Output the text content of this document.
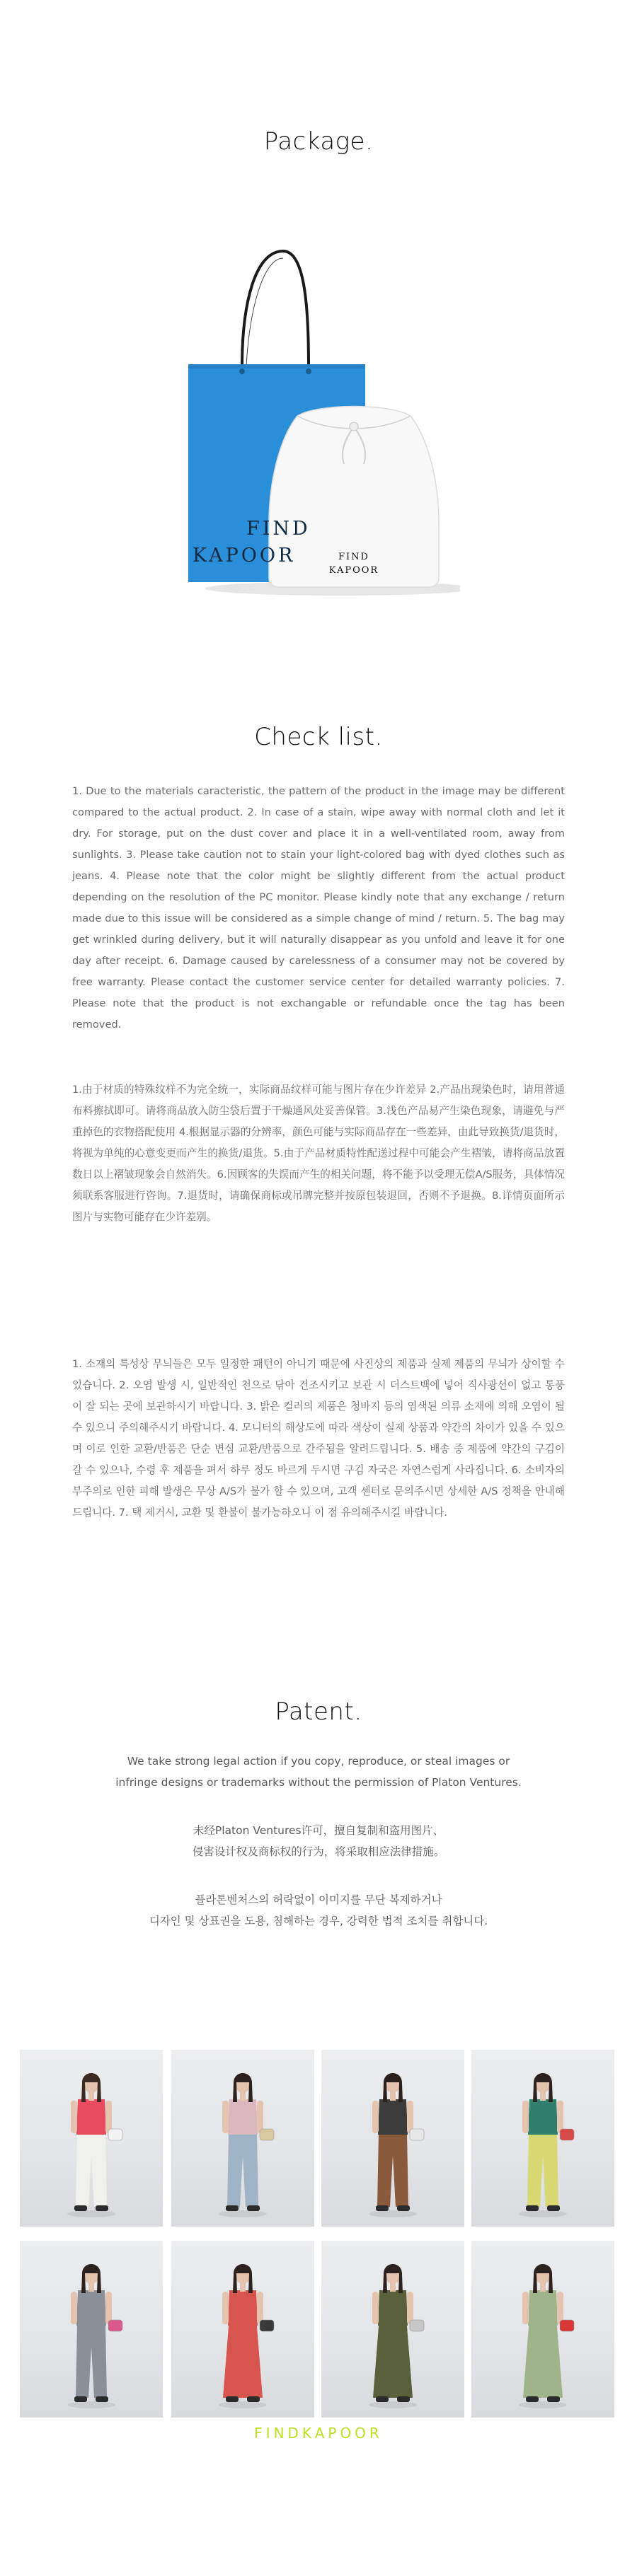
Package.
FIND
KAPOOR	FIND
KAPOOR
Check list.

1. Due to the materials caracteristic, the pattern of the product in the image may be different compared to the actual product. 2. In case of a stain, wipe away with normal cloth and let it dry. For storage, put on the dust cover and place it in a well-ventilated room, away from sunlights. 3. Please take caution not to stain your light-colored bag with dyed clothes such as jeans. 4. Please note that the color might be slightly different from the actual product depending on the resolution of the PC monitor. Please kindly note that any exchange / return made due to this issue will be considered as a simple change of mind / return. 5. The bag may get wrinkled during delivery, but it will naturally disappear as you unfold and leave it for one day after receipt. 6. Damage caused by carelessness of a consumer may not be covered by free warranty. Please contact the customer service center for detailed warranty policies. 7. Please note that the product is not exchangable or refundable once the tag has been removed.

1.由于材质的特殊纹样不为完全统一，实际商品纹样可能与图片存在少许差异 2.产品出现染色时，请用普通布料擦拭即可。请将商品放入防尘袋后置于干燥通风处妥善保管。3.浅色产品易产生染色现象，请避免与严重掉色的衣物搭配使用 4.根据显示器的分辨率，颜色可能与实际商品存在一些差异，由此导致换货/退货时，将视为单纯的心意变更而产生的换货/退货。5.由于产品材质特性配送过程中可能会产生褶皱，请将商品放置数日以上褶皱现象会自然消失。6.因顾客的失误而产生的相关问题，将不能予以受理无偿A/S服务，具体情况须联系客服进行咨询。7.退货时，请确保商标或吊牌完整并按原包装退回，否则不予退换。8.详情页面所示图片与实物可能存在少许差别。

1. 소재의 특성상 무늬들은 모두 일정한 패턴이 아니기 때문에 사진상의 제품과 실제 제품의 무늬가 상이할 수 있습니다. 2. 오염 발생 시, 일반적인 천으로 닦아 건조시키고 보관 시 더스트백에 넣어 직사광선이 없고 통풍이 잘 되는 곳에 보관하시기 바랍니다. 3. 밝은 컬러의 제품은 청바지 등의 염색된 의류 소재에 의해 오염이 될 수 있으니 주의해주시기 바랍니다. 4. 모니터의 해상도에 따라 색상이 실제 상품과 약간의 차이가 있을 수 있으며 이로 인한 교환/반품은 단순 변심 교환/반품으로 간주됨을 알려드립니다. 5. 배송 중 제품에 약간의 구김이 갈 수 있으나, 수령 후 제품을 펴서 하루 정도 바르게 두시면 구김 자국은 자연스럽게 사라집니다. 6. 소비자의 부주의로 인한 피해 발생은 무상 A/S가 불가 할 수 있으며, 고객 센터로 문의주시면 상세한 A/S 정책을 안내해드립니다. 7. 택 제거시, 교환 및 환불이 불가능하오니 이 점 유의해주시길 바랍니다.

Patent.
We take strong legal action if you copy, reproduce, or steal images or
infringe designs or trademarks without the permission of Platon Ventures.
未经Platon Ventures许可，擅自复制和盗用图片、
侵害设计权及商标权的行为，将采取相应法律措施。
플라톤벤처스의 허락없이 이미지를 무단 복제하거나
디자인 및 상표권을 도용, 침해하는 경우, 강력한 법적 조치를 취합니다.
FINDKAPOOR
